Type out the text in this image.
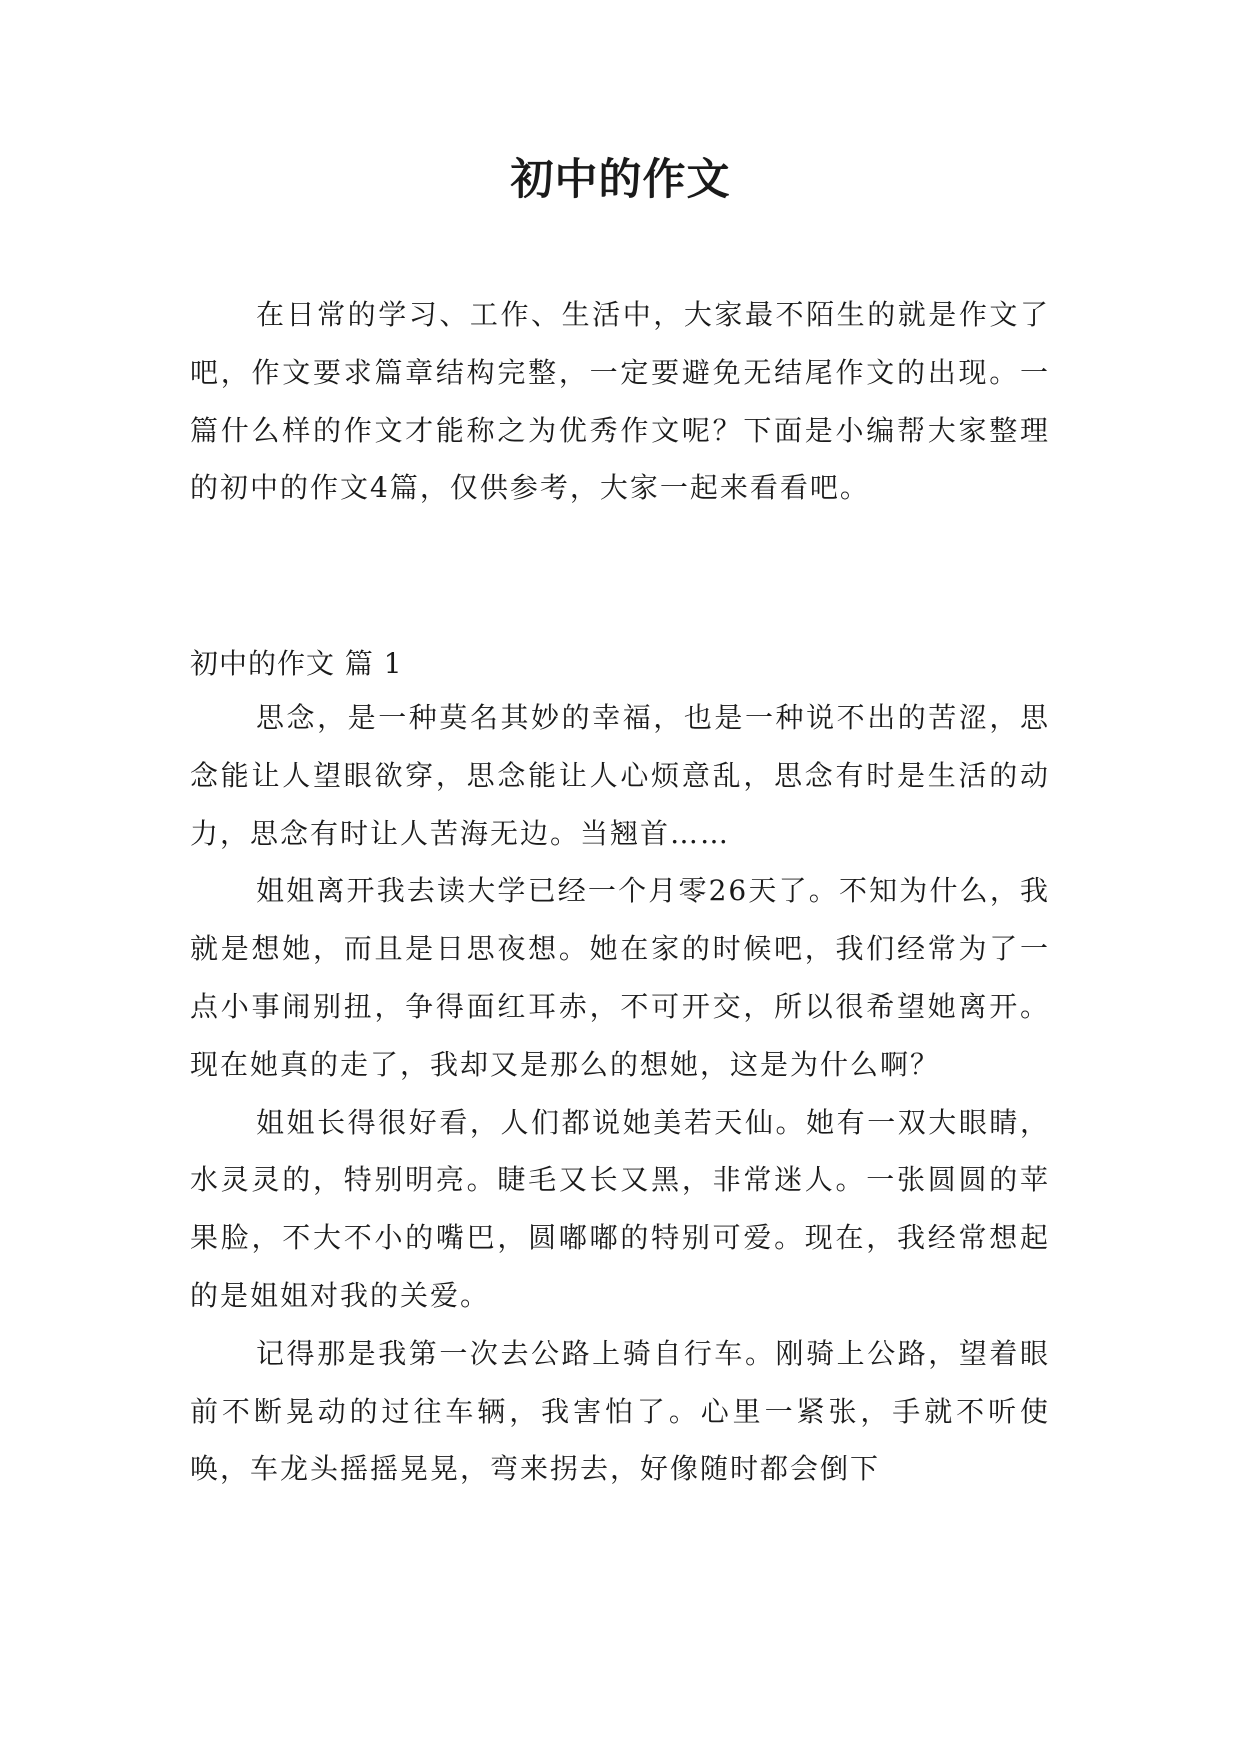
初中的作文

在日常的学习、工作、生活中，大家最不陌生的就是作文了吧，作文要求篇章结构完整，一定要避免无结尾作文的出现。一篇什么样的作文才能称之为优秀作文呢？下面是小编帮大家整理的初中的作文4篇，仅供参考，大家一起来看看吧。

初中的作文 篇 1

思念，是一种莫名其妙的幸福，也是一种说不出的苦涩，思念能让人望眼欲穿，思念能让人心烦意乱，思念有时是生活的动力，思念有时让人苦海无边。当翘首……

姐姐离开我去读大学已经一个月零26天了。不知为什么，我就是想她，而且是日思夜想。她在家的时候吧，我们经常为了一点小事闹别扭，争得面红耳赤，不可开交，所以很希望她离开。现在她真的走了，我却又是那么的想她，这是为什么啊？

姐姐长得很好看，人们都说她美若天仙。她有一双大眼睛，水灵灵的，特别明亮。睫毛又长又黑，非常迷人。一张圆圆的苹果脸，不大不小的嘴巴，圆嘟嘟的特别可爱。现在，我经常想起的是姐姐对我的关爱。

记得那是我第一次去公路上骑自行车。刚骑上公路，望着眼前不断晃动的过往车辆，我害怕了。心里一紧张，手就不听使唤，车龙头摇摇晃晃，弯来拐去，好像随时都会倒下
